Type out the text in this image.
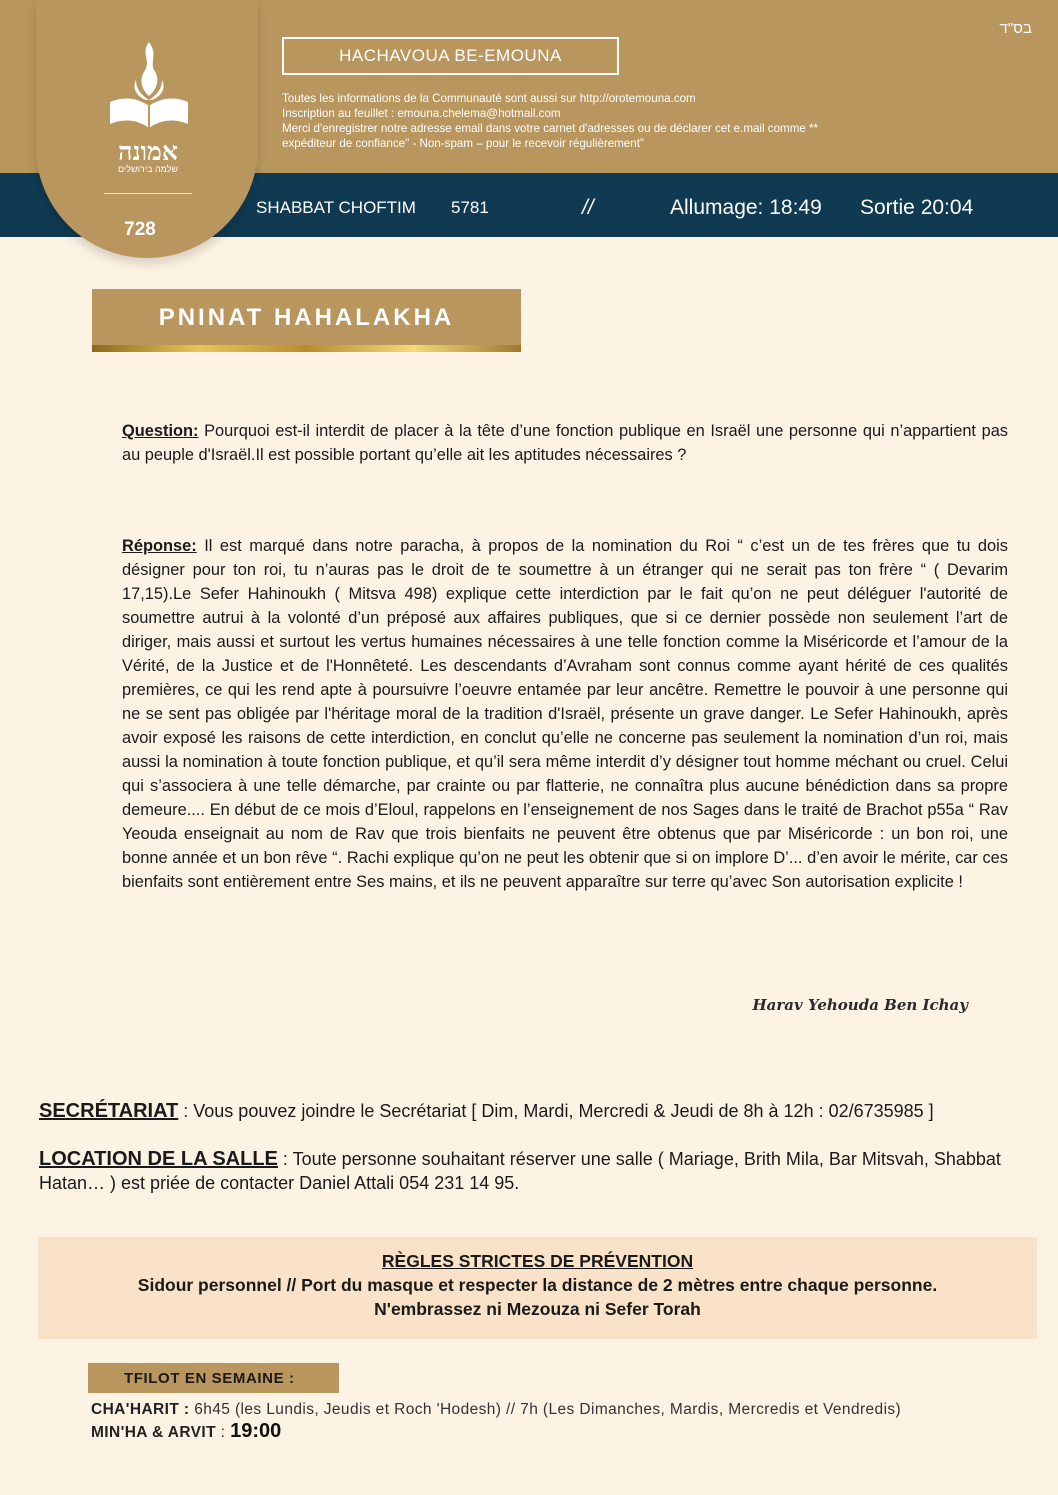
אמונה
שלמה בירושלים
728
בס"ד
HACHAVOUA BE-EMOUNA
Toutes les informations de la Communauté sont aussi sur http://orotemouna.com
Inscription au feuillet : emouna.chelema@hotmail.com
Merci d'enregistrer notre adresse email dans votre carnet d'adresses ou de déclarer cet e.mail comme **
expéditeur de confiance" - Non-spam – pour le recevoir régulièrement"
SHABBAT CHOFTIM 5781	//	Allumage: 18:49 Sortie 20:04
PNINAT HAHALAKHA
Question: Pourquoi est-il interdit de placer à la tête d’une fonction publique en Israël une personne qui n’appartient pas au peuple d'Israël.Il est possible portant qu’elle ait les aptitudes nécessaires ?
Réponse: Il est marqué dans notre paracha, à propos de la nomination du Roi “ c’est un de tes frères que tu dois désigner pour ton roi, tu n’auras pas le droit de te soumettre à un étranger qui ne serait pas ton frère “ ( Devarim 17,15).Le Sefer Hahinoukh ( Mitsva 498) explique cette interdiction par le fait qu’on ne peut déléguer l'autorité de soumettre autrui à la volonté d’un préposé aux affaires publiques, que si ce dernier possède non seulement l’art de diriger, mais aussi et surtout les vertus humaines nécessaires à une telle fonction comme la Miséricorde et l’amour de la Vérité, de la Justice et de l'Honnêteté. Les descendants d’Avraham sont connus comme ayant hérité de ces qualités premières, ce qui les rend apte à poursuivre l’oeuvre entamée par leur ancêtre. Remettre le pouvoir à une personne qui ne se sent pas obligée par l'héritage moral de la tradition d'Israël, présente un grave danger. Le Sefer Hahinoukh, après avoir exposé les raisons de cette interdiction, en conclut qu’elle ne concerne pas seulement la nomination d’un roi, mais aussi la nomination à toute fonction publique, et qu’il sera même interdit d’y désigner tout homme méchant ou cruel. Celui qui s’associera à une telle démarche, par crainte ou par flatterie, ne connaîtra plus aucune bénédiction dans sa propre demeure.... En début de ce mois d’Eloul, rappelons en l’enseignement de nos Sages dans le traité de Brachot p55a “ Rav Yeouda enseignait au nom de Rav que trois bienfaits ne peuvent être obtenus que par Miséricorde : un bon roi, une bonne année et un bon rêve “. Rachi explique qu’on ne peut les obtenir que si on implore D’... d’en avoir le mérite, car ces bienfaits sont entièrement entre Ses mains, et ils ne peuvent apparaître sur terre qu’avec Son autorisation explicite !
Harav Yehouda Ben Ichay
SECRÉTARIAT : Vous pouvez joindre le Secrétariat [ Dim, Mardi, Mercredi & Jeudi de 8h à 12h : 02/6735985 ]
LOCATION DE LA SALLE : Toute personne souhaitant réserver une salle ( Mariage, Brith Mila, Bar Mitsvah, Shabbat Hatan… ) est priée de contacter Daniel Attali 054 231 14 95.
RÈGLES STRICTES DE PRÉVENTION
Sidour personnel // Port du masque et respecter la distance de 2 mètres entre chaque personne.
N'embrassez ni Mezouza ni Sefer Torah
TFILOT EN SEMAINE :
CHA'HARIT : 6h45 (les Lundis, Jeudis et Roch 'Hodesh) // 7h (Les Dimanches, Mardis, Mercredis et Vendredis)
MIN'HA & ARVIT : 19:00
